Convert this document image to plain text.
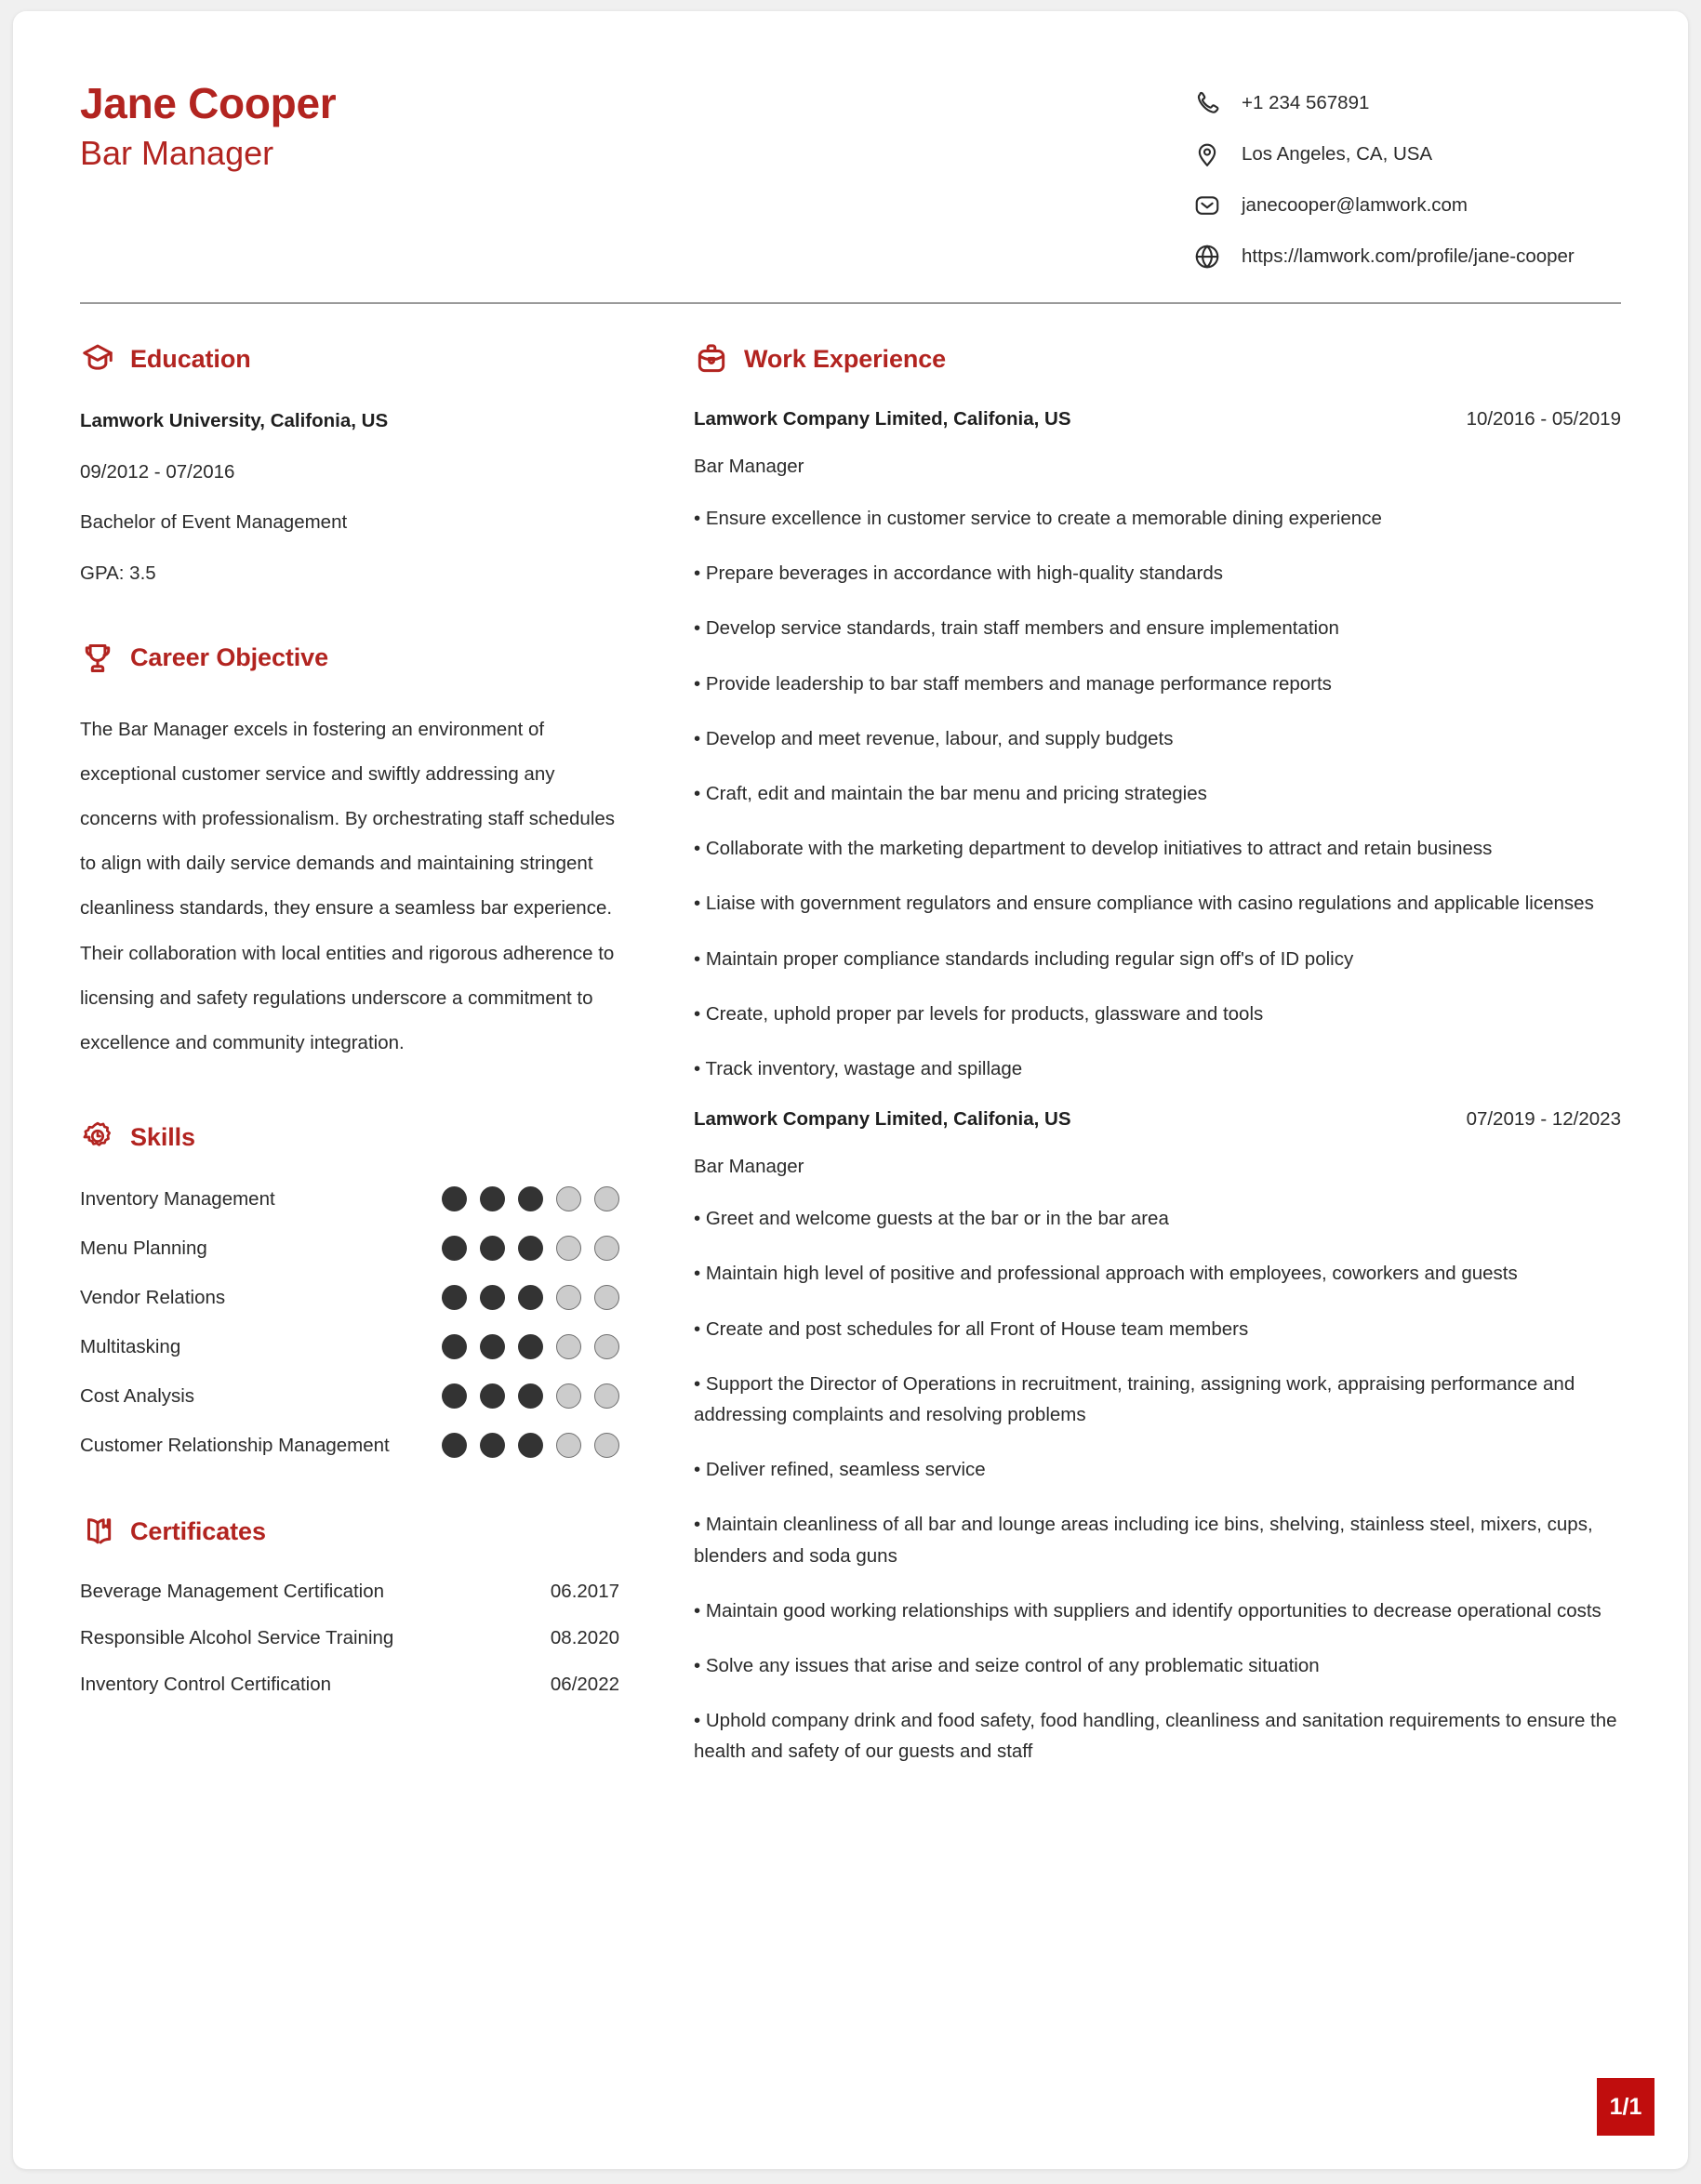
Jane Cooper
Bar Manager
+1 234 567891
Los Angeles, CA, USA
janecooper@lamwork.com
https://lamwork.com/profile/jane-cooper
Education
Lamwork University, Califonia, US
09/2012 - 07/2016
Bachelor of Event Management
GPA: 3.5
Career Objective
The Bar Manager excels in fostering an environment of exceptional customer service and swiftly addressing any concerns with professionalism. By orchestrating staff schedules to align with daily service demands and maintaining stringent cleanliness standards, they ensure a seamless bar experience. Their collaboration with local entities and rigorous adherence to licensing and safety regulations underscore a commitment to excellence and community integration.
Skills
Inventory Management
Menu Planning
Vendor Relations
Multitasking
Cost Analysis
Customer Relationship Management
Certificates
Beverage Management Certification	06.2017
Responsible Alcohol Service Training	08.2020
Inventory Control Certification	06/2022
Work Experience
Lamwork Company Limited, Califonia, US	10/2016 - 05/2019
Bar Manager
• Ensure excellence in customer service to create a memorable dining experience
• Prepare beverages in accordance with high-quality standards
• Develop service standards, train staff members and ensure implementation
• Provide leadership to bar staff members and manage performance reports
• Develop and meet revenue, labour, and supply budgets
• Craft, edit and maintain the bar menu and pricing strategies
• Collaborate with the marketing department to develop initiatives to attract and retain business
• Liaise with government regulators and ensure compliance with casino regulations and applicable licenses
• Maintain proper compliance standards including regular sign off's of ID policy
• Create, uphold proper par levels for products, glassware and tools
• Track inventory, wastage and spillage
Lamwork Company Limited, Califonia, US	07/2019 - 12/2023
Bar Manager
• Greet and welcome guests at the bar or in the bar area
• Maintain high level of positive and professional approach with employees, coworkers and guests
• Create and post schedules for all Front of House team members
• Support the Director of Operations in recruitment, training, assigning work, appraising performance and addressing complaints and resolving problems
• Deliver refined, seamless service
• Maintain cleanliness of all bar and lounge areas including ice bins, shelving, stainless steel, mixers, cups, blenders and soda guns
• Maintain good working relationships with suppliers and identify opportunities to decrease operational costs
• Solve any issues that arise and seize control of any problematic situation
• Uphold company drink and food safety, food handling, cleanliness and sanitation requirements to ensure the health and safety of our guests and staff
1/1
